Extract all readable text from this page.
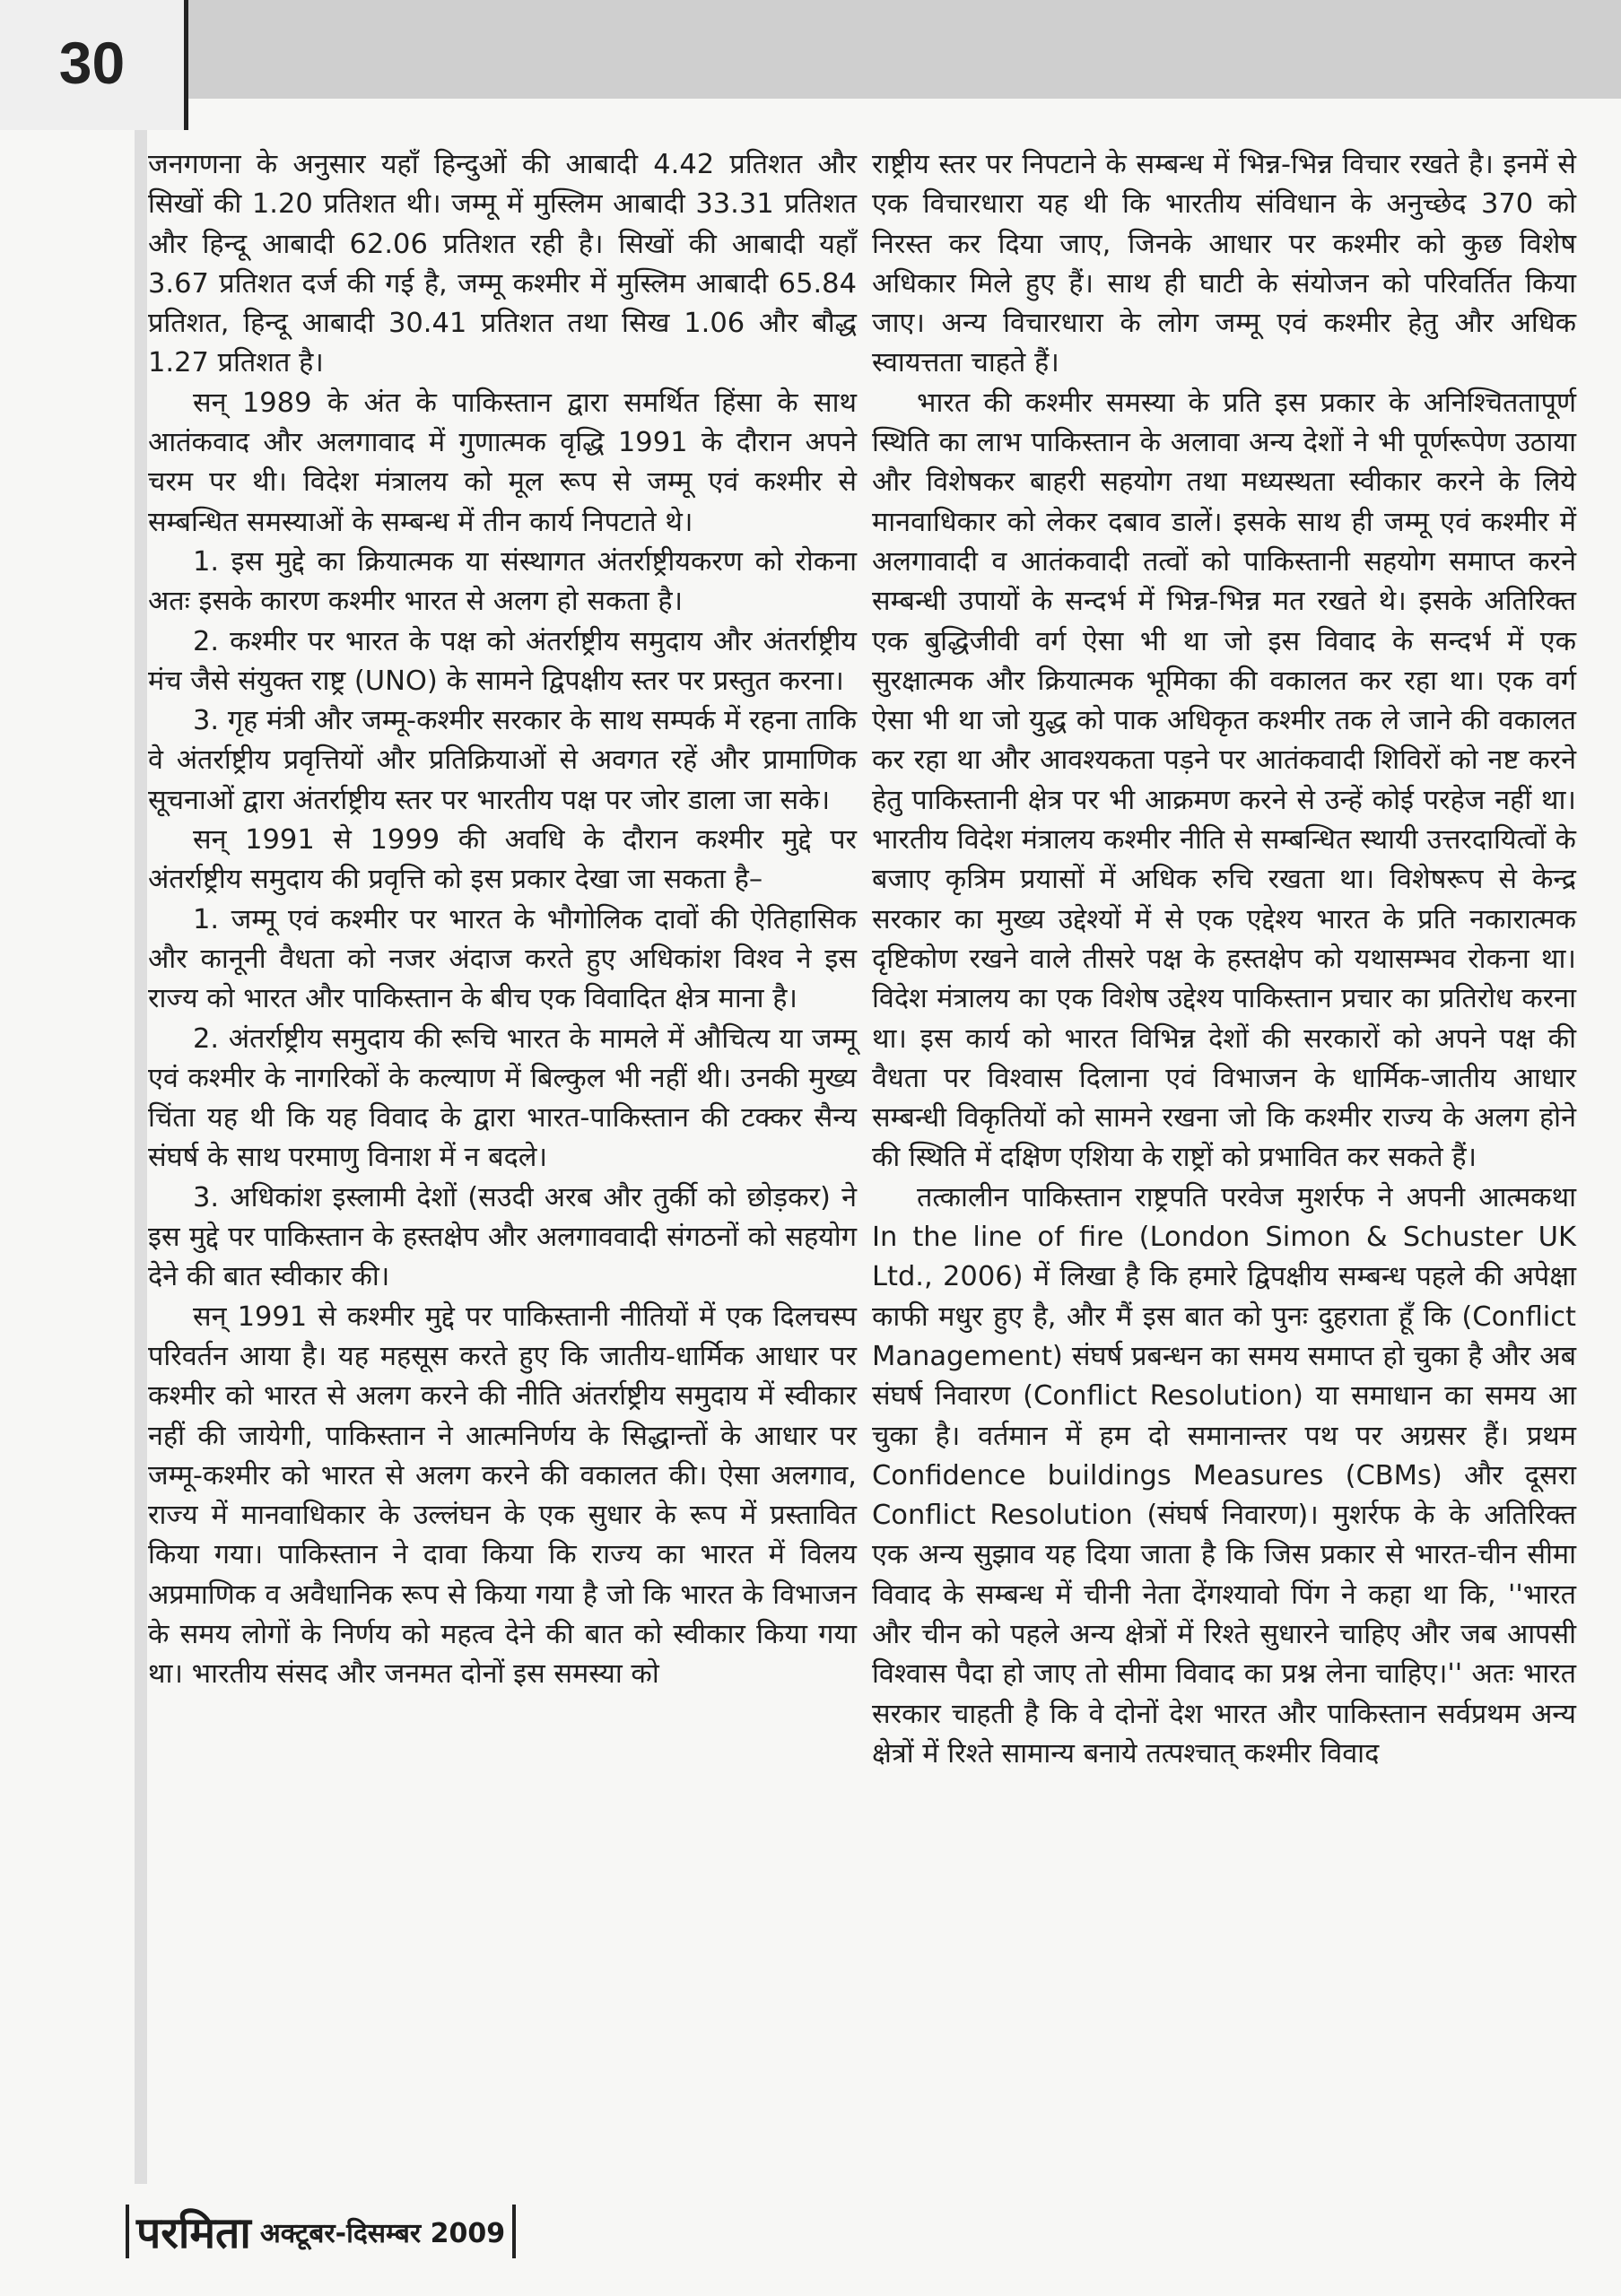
30

जनगणना के अनुसार यहाँ हिन्दुओं की आबादी 4.42 प्रतिशत और सिखों की 1.20 प्रतिशत थी। जम्मू में मुस्लिम आबादी 33.31 प्रतिशत और हिन्दू आबादी 62.06 प्रतिशत रही है। सिखों की आबादी यहाँ 3.67 प्रतिशत दर्ज की गई है, जम्मू कश्मीर में मुस्लिम आबादी 65.84 प्रतिशत, हिन्दू आबादी 30.41 प्रतिशत तथा सिख 1.06 और बौद्ध 1.27 प्रतिशत है।

सन् 1989 के अंत के पाकिस्तान द्वारा समर्थित हिंसा के साथ आतंकवाद और अलगावाद में गुणात्मक वृद्धि 1991 के दौरान अपने चरम पर थी। विदेश मंत्रालय को मूल रूप से जम्मू एवं कश्मीर से सम्बन्धित समस्याओं के सम्बन्ध में तीन कार्य निपटाते थे।

1. इस मुद्दे का क्रियात्मक या संस्थागत अंतर्राष्ट्रीयकरण को रोकना अतः इसके कारण कश्मीर भारत से अलग हो सकता है।

2. कश्मीर पर भारत के पक्ष को अंतर्राष्ट्रीय समुदाय और अंतर्राष्ट्रीय मंच जैसे संयुक्त राष्ट्र (UNO) के सामने द्विपक्षीय स्तर पर प्रस्तुत करना।

3. गृह मंत्री और जम्मू-कश्मीर सरकार के साथ सम्पर्क में रहना ताकि वे अंतर्राष्ट्रीय प्रवृत्तियों और प्रतिक्रियाओं से अवगत रहें और प्रामाणिक सूचनाओं द्वारा अंतर्राष्ट्रीय स्तर पर भारतीय पक्ष पर जोर डाला जा सके।

सन् 1991 से 1999 की अवधि के दौरान कश्मीर मुद्दे पर अंतर्राष्ट्रीय समुदाय की प्रवृत्ति को इस प्रकार देखा जा सकता है–

1. जम्मू एवं कश्मीर पर भारत के भौगोलिक दावों की ऐतिहासिक और कानूनी वैधता को नजर अंदाज करते हुए अधिकांश विश्व ने इस राज्य को भारत और पाकिस्तान के बीच एक विवादित क्षेत्र माना है।

2. अंतर्राष्ट्रीय समुदाय की रूचि भारत के मामले में औचित्य या जम्मू एवं कश्मीर के नागरिकों के कल्याण में बिल्कुल भी नहीं थी। उनकी मुख्य चिंता यह थी कि यह विवाद के द्वारा भारत-पाकिस्तान की टक्कर सैन्य संघर्ष के साथ परमाणु विनाश में न बदले।

3. अधिकांश इस्लामी देशों (सउदी अरब और तुर्की को छोड़कर) ने इस मुद्दे पर पाकिस्तान के हस्तक्षेप और अलगाववादी संगठनों को सहयोग देने की बात स्वीकार की।

सन् 1991 से कश्मीर मुद्दे पर पाकिस्तानी नीतियों में एक दिलचस्प परिवर्तन आया है। यह महसूस करते हुए कि जातीय-धार्मिक आधार पर कश्मीर को भारत से अलग करने की नीति अंतर्राष्ट्रीय समुदाय में स्वीकार नहीं की जायेगी, पाकिस्तान ने आत्मनिर्णय के सिद्धान्तों के आधार पर जम्मू-कश्मीर को भारत से अलग करने की वकालत की। ऐसा अलगाव, राज्य में मानवाधिकार के उल्लंघन के एक सुधार के रूप में प्रस्तावित किया गया। पाकिस्तान ने दावा किया कि राज्य का भारत में विलय अप्रमाणिक व अवैधानिक रूप से किया गया है जो कि भारत के विभाजन के समय लोगों के निर्णय को महत्व देने की बात को स्वीकार किया गया था। भारतीय संसद और जनमत दोनों इस समस्या को

राष्ट्रीय स्तर पर निपटाने के सम्बन्ध में भिन्न-भिन्न विचार रखते है। इनमें से एक विचारधारा यह थी कि भारतीय संविधान के अनुच्छेद 370 को निरस्त कर दिया जाए, जिनके आधार पर कश्मीर को कुछ विशेष अधिकार मिले हुए हैं। साथ ही घाटी के संयोजन को परिवर्तित किया जाए। अन्य विचारधारा के लोग जम्मू एवं कश्मीर हेतु और अधिक स्वायत्तता चाहते हैं।

भारत की कश्मीर समस्या के प्रति इस प्रकार के अनिश्चिततापूर्ण स्थिति का लाभ पाकिस्तान के अलावा अन्य देशों ने भी पूर्णरूपेण उठाया और विशेषकर बाहरी सहयोग तथा मध्यस्थता स्वीकार करने के लिये मानवाधिकार को लेकर दबाव डालें। इसके साथ ही जम्मू एवं कश्मीर में अलगावादी व आतंकवादी तत्वों को पाकिस्तानी सहयोग समाप्त करने सम्बन्धी उपायों के सन्दर्भ में भिन्न-भिन्न मत रखते थे। इसके अतिरिक्त एक बुद्धिजीवी वर्ग ऐसा भी था जो इस विवाद के सन्दर्भ में एक सुरक्षात्मक और क्रियात्मक भूमिका की वकालत कर रहा था। एक वर्ग ऐसा भी था जो युद्ध को पाक अधिकृत कश्मीर तक ले जाने की वकालत कर रहा था और आवश्यकता पड़ने पर आतंकवादी शिविरों को नष्ट करने हेतु पाकिस्तानी क्षेत्र पर भी आक्रमण करने से उन्हें कोई परहेज नहीं था। भारतीय विदेश मंत्रालय कश्मीर नीति से सम्बन्धित स्थायी उत्तरदायित्वों के बजाए कृत्रिम प्रयासों में अधिक रुचि रखता था। विशेषरूप से केन्द्र सरकार का मुख्य उद्देश्यों में से एक एद्देश्य भारत के प्रति नकारात्मक दृष्टिकोण रखने वाले तीसरे पक्ष के हस्तक्षेप को यथासम्भव रोकना था। विदेश मंत्रालय का एक विशेष उद्देश्य पाकिस्तान प्रचार का प्रतिरोध करना था। इस कार्य को भारत विभिन्न देशों की सरकारों को अपने पक्ष की वैधता पर विश्वास दिलाना एवं विभाजन के धार्मिक-जातीय आधार सम्बन्धी विकृतियों को सामने रखना जो कि कश्मीर राज्य के अलग होने की स्थिति में दक्षिण एशिया के राष्ट्रों को प्रभावित कर सकते हैं।

तत्कालीन पाकिस्तान राष्ट्रपति परवेज मुशर्रफ ने अपनी आत्मकथा In the line of fire (London Simon & Schuster UK Ltd., 2006) में लिखा है कि हमारे द्विपक्षीय सम्बन्ध पहले की अपेक्षा काफी मधुर हुए है, और मैं इस बात को पुनः दुहराता हूँ कि (Conflict Management) संघर्ष प्रबन्धन का समय समाप्त हो चुका है और अब संघर्ष निवारण (Conflict Resolution) या समाधान का समय आ चुका है। वर्तमान में हम दो समानान्तर पथ पर अग्रसर हैं। प्रथम Confidence buildings Measures (CBMs) और दूसरा Conflict Resolution (संघर्ष निवारण)। मुशर्रफ के के अतिरिक्त एक अन्य सुझाव यह दिया जाता है कि जिस प्रकार से भारत-चीन सीमा विवाद के सम्बन्ध में चीनी नेता देंगश्यावो पिंग ने कहा था कि, ''भारत और चीन को पहले अन्य क्षेत्रों में रिश्ते सुधारने चाहिए और जब आपसी विश्वास पैदा हो जाए तो सीमा विवाद का प्रश्न लेना चाहिए।'' अतः भारत सरकार चाहती है कि वे दोनों देश भारत और पाकिस्तान सर्वप्रथम अन्य क्षेत्रों में रिश्ते सामान्य बनाये तत्पश्चात् कश्मीर विवाद

परमिता अक्टूबर-दिसम्बर 2009
